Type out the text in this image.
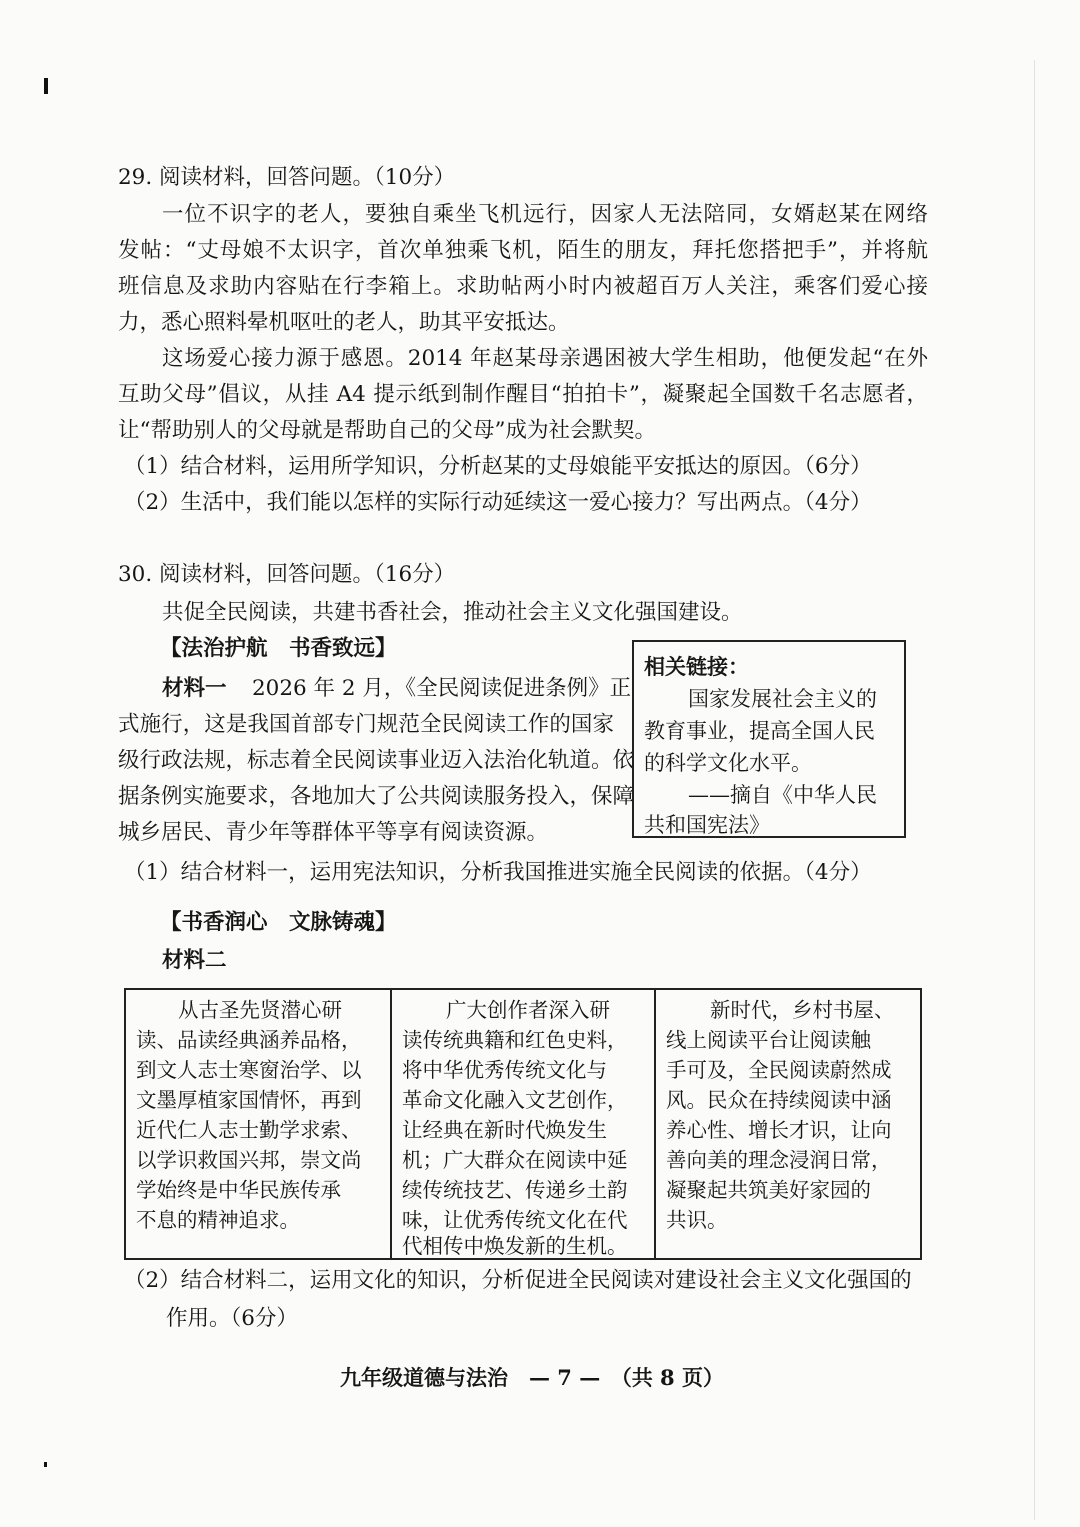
29. 阅读材料，回答问题。（10分）
一位不识字的老人，要独自乘坐飞机远行，因家人无法陪同，女婿赵某在网络
发帖：“丈母娘不太识字，首次单独乘飞机，陌生的朋友，拜托您搭把手”，并将航
班信息及求助内容贴在行李箱上。求助帖两小时内被超百万人关注，乘客们爱心接
力，悉心照料晕机呕吐的老人，助其平安抵达。
这场爱心接力源于感恩。2014 年赵某母亲遇困被大学生相助，他便发起“在外
互助父母”倡议，从挂 A4 提示纸到制作醒目“拍拍卡”，凝聚起全国数千名志愿者，
让“帮助别人的父母就是帮助自己的父母”成为社会默契。
（1）结合材料，运用所学知识，分析赵某的丈母娘能平安抵达的原因。（6分）
（2）生活中，我们能以怎样的实际行动延续这一爱心接力？写出两点。（4分）
30. 阅读材料，回答问题。（16分）
共促全民阅读，共建书香社会，推动社会主义文化强国建设。
【法治护航　书香致远】
材料一 2026 年 2 月，《全民阅读促进条例》正
式施行，这是我国首部专门规范全民阅读工作的国家
级行政法规，标志着全民阅读事业迈入法治化轨道。依
据条例实施要求，各地加大了公共阅读服务投入，保障
城乡居民、青少年等群体平等享有阅读资源。
相关链接：
国家发展社会主义的
教育事业，提高全国人民
的科学文化水平。
——摘自《中华人民
共和国宪法》
（1）结合材料一，运用宪法知识，分析我国推进实施全民阅读的依据。（4分）
【书香润心　文脉铸魂】
材料二
从古圣先贤潜心研
读、品读经典涵养品格，
到文人志士寒窗治学、以
文墨厚植家国情怀，再到
近代仁人志士勤学求索、
以学识救国兴邦，崇文尚
学始终是中华民族传承
不息的精神追求。
广大创作者深入研
读传统典籍和红色史料，
将中华优秀传统文化与
革命文化融入文艺创作，
让经典在新时代焕发生
机；广大群众在阅读中延
续传统技艺、传递乡土韵
味，让优秀传统文化在代
代相传中焕发新的生机。
新时代，乡村书屋、
线上阅读平台让阅读触
手可及，全民阅读蔚然成
风。民众在持续阅读中涵
养心性、增长才识，让向
善向美的理念浸润日常，
凝聚起共筑美好家园的
共识。
（2）结合材料二，运用文化的知识，分析促进全民阅读对建设社会主义文化强国的
作用。（6分）
九年级道德与法治　— 7 —　（共 8 页）
